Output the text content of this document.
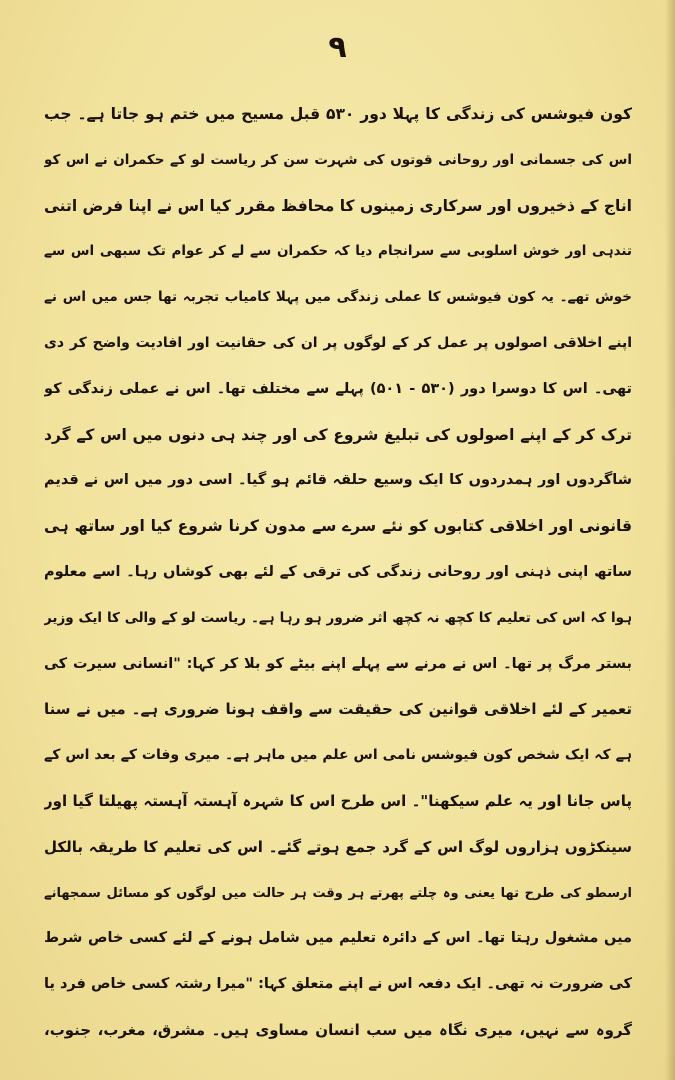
۹
کون فیوشس کی زندگی کا پہلا دور ۵۳۰ قبل مسیح میں ختم ہو جاتا ہے۔ جب
اس کی جسمانی اور روحانی قوتوں کی شہرت سن کر ریاست لو کے حکمران نے اس کو
اناج کے ذخیروں اور سرکاری زمینوں کا محافظ مقرر کیا اس نے اپنا فرض اتنی
تندہی اور خوش اسلوبی سے سرانجام دیا کہ حکمران سے لے کر عوام تک سبھی اس سے
خوش تھے۔ یہ کون فیوشس کا عملی زندگی میں پہلا کامیاب تجربہ تھا جس میں اس نے
اپنے اخلاقی اصولوں پر عمل کر کے لوگوں پر ان کی حقانیت اور افادیت واضح کر دی
تھی۔ اس کا دوسرا دور (۵۳۰ - ۵۰۱) پہلے سے مختلف تھا۔ اس نے عملی زندگی کو
ترک کر کے اپنے اصولوں کی تبلیغ شروع کی اور چند ہی دنوں میں اس کے گرد
شاگردوں اور ہمدردوں کا ایک وسیع حلقہ قائم ہو گیا۔ اسی دور میں اس نے قدیم
قانونی اور اخلاقی کتابوں کو نئے سرے سے مدون کرنا شروع کیا اور ساتھ ہی
ساتھ اپنی ذہنی اور روحانی زندگی کی ترقی کے لئے بھی کوشاں رہا۔ اسے معلوم
ہوا کہ اس کی تعلیم کا کچھ نہ کچھ اثر ضرور ہو رہا ہے۔ ریاست لو کے والی کا ایک وزیر
بستر مرگ پر تھا۔ اس نے مرنے سے پہلے اپنے بیٹے کو بلا کر کہا: "انسانی سیرت کی
تعمیر کے لئے اخلاقی قوانین کی حقیقت سے واقف ہونا ضروری ہے۔ میں نے سنا
ہے کہ ایک شخص کون فیوشس نامی اس علم میں ماہر ہے۔ میری وفات کے بعد اس کے
پاس جانا اور یہ علم سیکھنا"۔ اس طرح اس کا شہرہ آہستہ آہستہ پھیلتا گیا اور
سینکڑوں ہزاروں لوگ اس کے گرد جمع ہوتے گئے۔ اس کی تعلیم کا طریقہ بالکل
ارسطو کی طرح تھا یعنی وہ چلتے پھرتے ہر وقت ہر حالت میں لوگوں کو مسائل سمجھانے
میں مشغول رہتا تھا۔ اس کے دائرہ تعلیم میں شامل ہونے کے لئے کسی خاص شرط
کی ضرورت نہ تھی۔ ایک دفعہ اس نے اپنے متعلق کہا: "میرا رشتہ کسی خاص فرد یا
گروہ سے نہیں، میری نگاہ میں سب انسان مساوی ہیں۔ مشرق، مغرب، جنوب،
